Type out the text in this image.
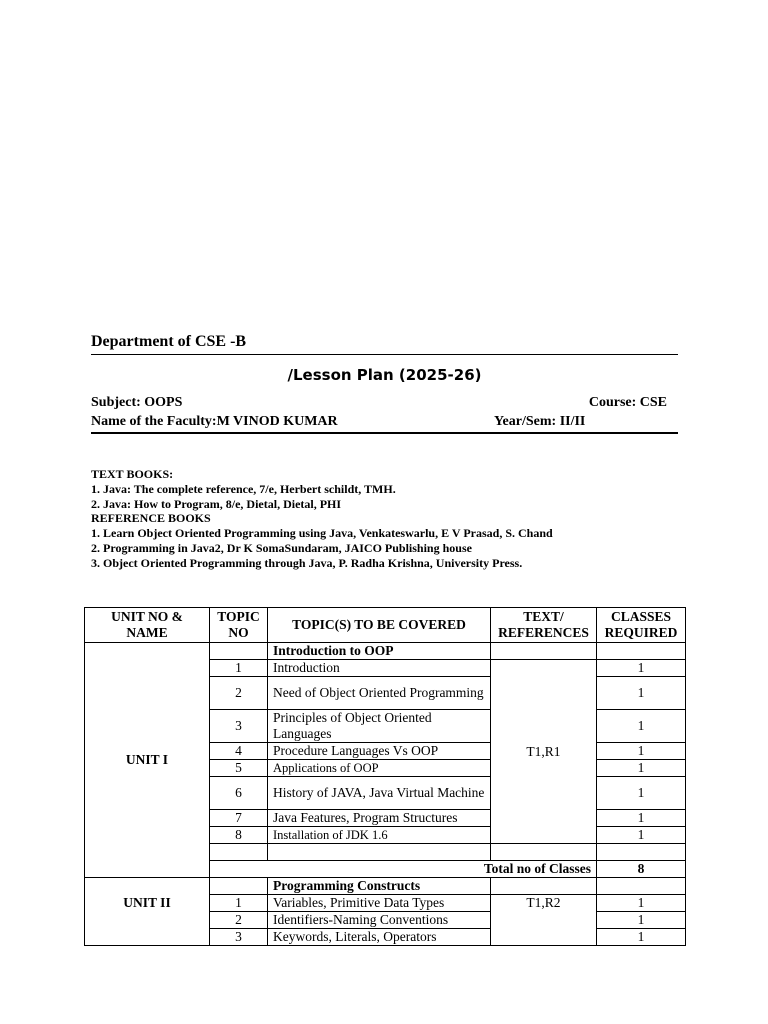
Department of CSE -B
/Lesson Plan (2025-26)
Subject: OOPS	Course: CSE
Name of the Faculty:M VINOD KUMAR	Year/Sem: II/II
TEXT BOOKS:
1. Java: The complete reference, 7/e, Herbert schildt, TMH.
2. Java: How to Program, 8/e, Dietal, Dietal, PHI
REFERENCE BOOKS
1. Learn Object Oriented Programming using Java, Venkateswarlu, E V Prasad, S. Chand
2. Programming in Java2, Dr K SomaSundaram, JAICO Publishing house
3. Object Oriented Programming through Java, P. Radha Krishna, University Press.
UNIT NO & NAME	TOPIC NO	TOPIC(S) TO BE COVERED	TEXT/ REFERENCES	CLASSES REQUIRED
UNIT I		Introduction to OOP		
	1	Introduction	T1,R1	1
	2	Need of Object Oriented Programming		1
	3	Principles of Object Oriented Languages		1
	4	Procedure Languages Vs OOP		1
	5	Applications of OOP		1
	6	History of JAVA, Java Virtual Machine		1
	7	Java Features, Program Structures		1
	8	Installation of JDK 1.6		1

	Total no of Classes			8
UNIT II		Programming Constructs		
	1	Variables, Primitive Data Types	T1,R2	1
	2	Identifiers-Naming Conventions		1
	3	Keywords, Literals, Operators		1
